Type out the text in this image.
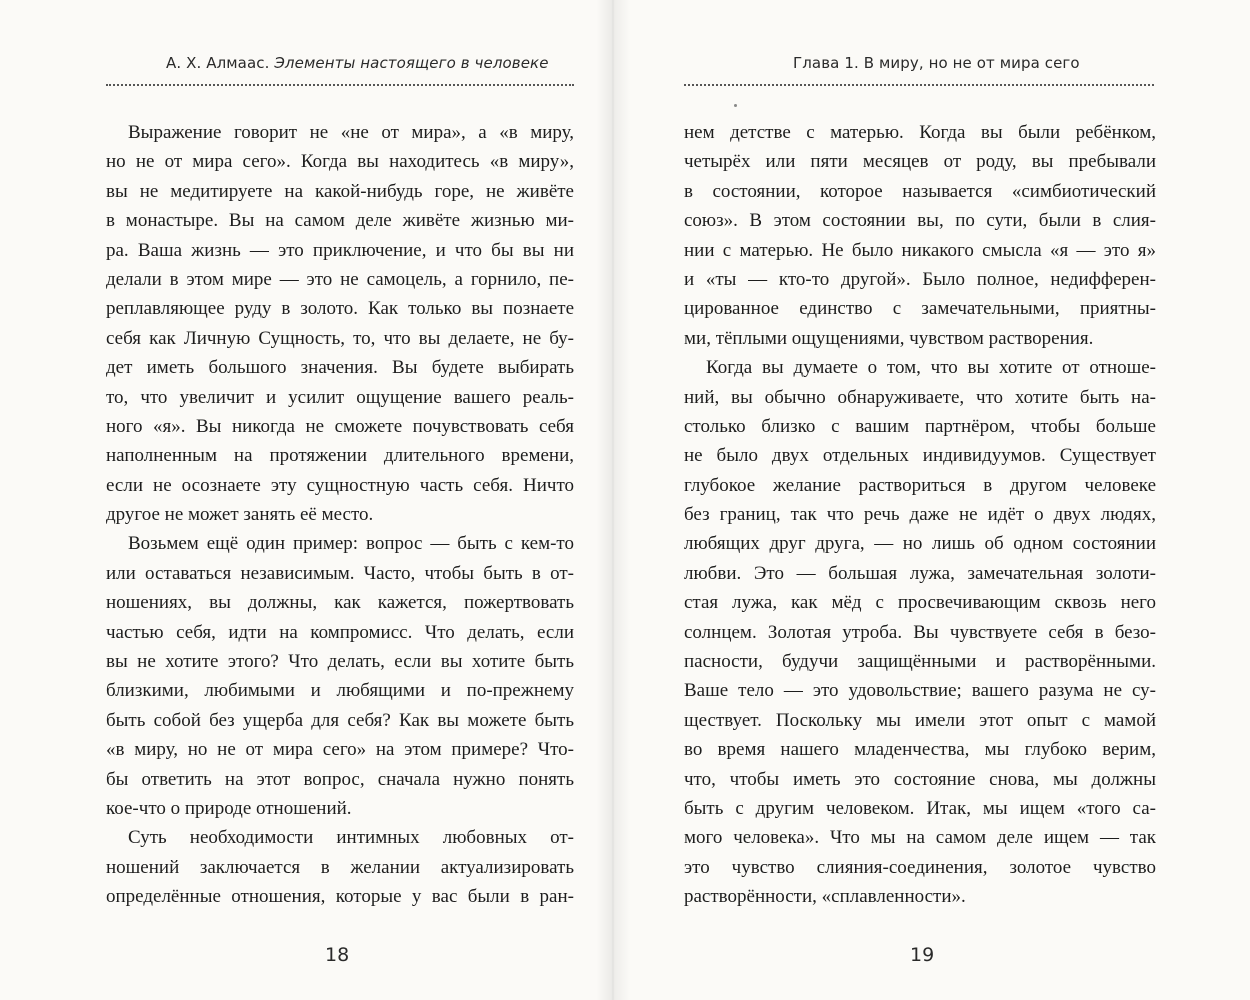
А. Х. Алмаас. Элементы настоящего в человеке
Выражение говорит не «не от мира», а «в миру,
но не от мира сего». Когда вы находитесь «в миру»,
вы не медитируете на какой-нибудь горе, не живёте
в монастыре. Вы на самом деле живёте жизнью ми-
ра. Ваша жизнь — это приключение, и что бы вы ни
делали в этом мире — это не самоцель, а горнило, пе-
реплавляющее руду в золото. Как только вы познаете
себя как Личную Сущность, то, что вы делаете, не бу-
дет иметь большого значения. Вы будете выбирать
то, что увеличит и усилит ощущение вашего реаль-
ного «я». Вы никогда не сможете почувствовать себя
наполненным на протяжении длительного времени,
если не осознаете эту сущностную часть себя. Ничто
другое не может занять её место.
Возьмем ещё один пример: вопрос — быть с кем-то
или оставаться независимым. Часто, чтобы быть в от-
ношениях, вы должны, как кажется, пожертвовать
частью себя, идти на компромисс. Что делать, если
вы не хотите этого? Что делать, если вы хотите быть
близкими, любимыми и любящими и по-прежнему
быть собой без ущерба для себя? Как вы можете быть
«в миру, но не от мира сего» на этом примере? Что-
бы ответить на этот вопрос, сначала нужно понять
кое-что о природе отношений.
Суть необходимости интимных любовных от-
ношений заключается в желании актуализировать
определённые отношения, которые у вас были в ран-
18
Глава 1. В миру, но не от мира сего
нем детстве с матерью. Когда вы были ребёнком,
четырёх или пяти месяцев от роду, вы пребывали
в состоянии, которое называется «симбиотический
союз». В этом состоянии вы, по сути, были в слия-
нии с матерью. Не было никакого смысла «я — это я»
и «ты — кто-то другой». Было полное, недифферен-
цированное единство с замечательными, приятны-
ми, тёплыми ощущениями, чувством растворения.
Когда вы думаете о том, что вы хотите от отноше-
ний, вы обычно обнаруживаете, что хотите быть на-
столько близко с вашим партнёром, чтобы больше
не было двух отдельных индивидуумов. Существует
глубокое желание раствориться в другом человеке
без границ, так что речь даже не идёт о двух людях,
любящих друг друга, — но лишь об одном состоянии
любви. Это — большая лужа, замечательная золоти-
стая лужа, как мёд с просвечивающим сквозь него
солнцем. Золотая утроба. Вы чувствуете себя в безо-
пасности, будучи защищёнными и растворёнными.
Ваше тело — это удовольствие; вашего разума не су-
ществует. Поскольку мы имели этот опыт с мамой
во время нашего младенчества, мы глубоко верим,
что, чтобы иметь это состояние снова, мы должны
быть с другим человеком. Итак, мы ищем «того са-
мого человека». Что мы на самом деле ищем — так
это чувство слияния-соединения, золотое чувство
растворённости, «сплавленности».
19
